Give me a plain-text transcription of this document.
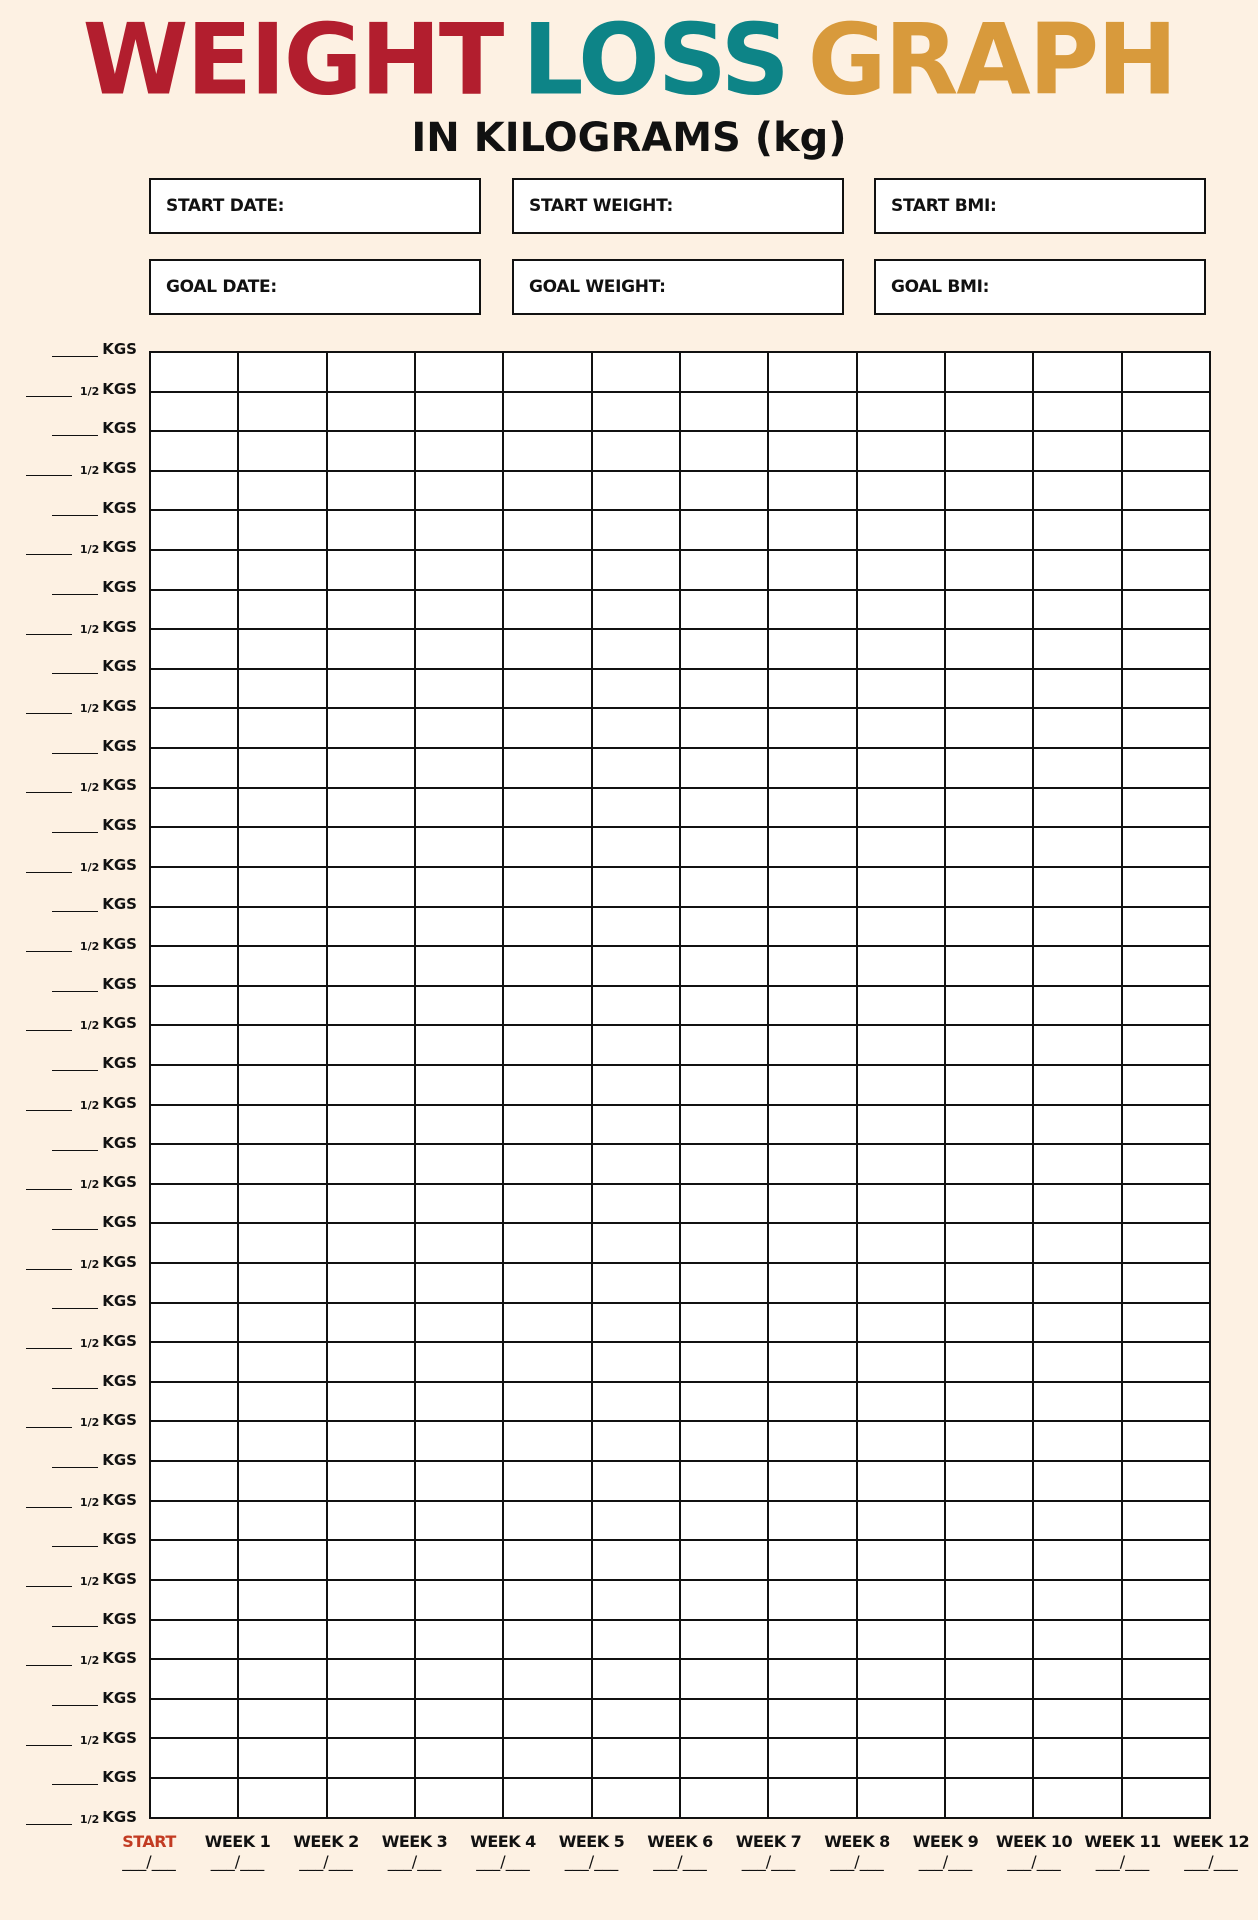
WEIGHT LOSS GRAPH
IN KILOGRAMS (kg)
START DATE:	START WEIGHT:	START BMI:
GOAL DATE:	GOAL WEIGHT:	GOAL BMI:

KGS
1/2 KGS
KGS
1/2 KGS
KGS
1/2 KGS
KGS
1/2 KGS
KGS
1/2 KGS
KGS
1/2 KGS
KGS
1/2 KGS
KGS
1/2 KGS
KGS
1/2 KGS
KGS
1/2 KGS
KGS
1/2 KGS
KGS
1/2 KGS
KGS
1/2 KGS
KGS
1/2 KGS
KGS
1/2 KGS
KGS
1/2 KGS
KGS
1/2 KGS
KGS
1/2 KGS
KGS
1/2 KGS
START
___/___
WEEK 1
___/___
WEEK 2
___/___
WEEK 3
___/___
WEEK 4
___/___
WEEK 5
___/___
WEEK 6
___/___
WEEK 7
___/___
WEEK 8
___/___
WEEK 9
___/___
WEEK 10
___/___
WEEK 11
___/___
WEEK 12
___/___
